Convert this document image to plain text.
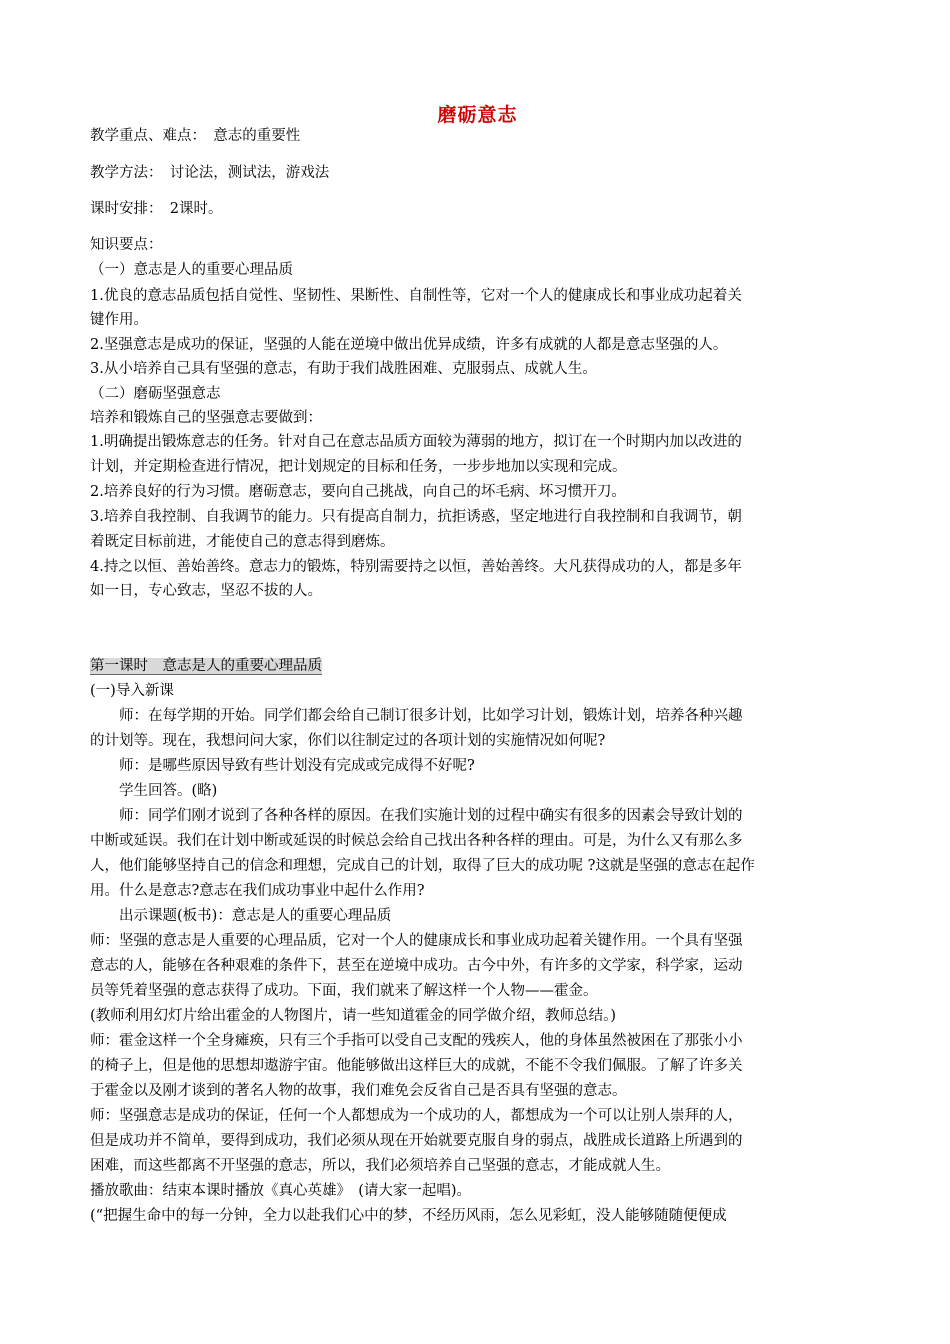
磨砺意志
教学重点、难点：　意志的重要性
教学方法：　讨论法，测试法，游戏法
课时安排：　2课时。
知识要点：
（一）意志是人的重要心理品质
1.优良的意志品质包括自觉性、坚韧性、果断性、自制性等，它对一个人的健康成长和事业成功起着关
键作用。
2.坚强意志是成功的保证，坚强的人能在逆境中做出优异成绩，许多有成就的人都是意志坚强的人。
3.从小培养自己具有坚强的意志，有助于我们战胜困难、克服弱点、成就人生。
（二）磨砺坚强意志
培养和锻炼自己的坚强意志要做到：
1.明确提出锻炼意志的任务。针对自己在意志品质方面较为薄弱的地方，拟订在一个时期内加以改进的
计划，并定期检查进行情况，把计划规定的目标和任务，一步步地加以实现和完成。
2.培养良好的行为习惯。磨砺意志，要向自己挑战，向自己的坏毛病、坏习惯开刀。
3.培养自我控制、自我调节的能力。只有提高自制力，抗拒诱惑，坚定地进行自我控制和自我调节，朝
着既定目标前进，才能使自己的意志得到磨炼。
4.持之以恒、善始善终。意志力的锻炼，特别需要持之以恒，善始善终。大凡获得成功的人，都是多年
如一日，专心致志，坚忍不拔的人。
第一课时　意志是人的重要心理品质
(一)导入新课
师：在每学期的开始。同学们都会给自己制订很多计划，比如学习计划，锻炼计划，培养各种兴趣
的计划等。现在，我想问问大家，你们以往制定过的各项计划的实施情况如何呢?
师：是哪些原因导致有些计划没有完成或完成得不好呢?
学生回答。(略)
师：同学们刚才说到了各种各样的原因。在我们实施计划的过程中确实有很多的因素会导致计划的
中断或延误。我们在计划中断或延误的时候总会给自己找出各种各样的理由。可是，为什么又有那么多
人，他们能够坚持自己的信念和理想，完成自己的计划，取得了巨大的成功呢 ?这就是坚强的意志在起作
用。什么是意志?意志在我们成功事业中起什么作用?
出示课题(板书)：意志是人的重要心理品质
师：坚强的意志是人重要的心理品质，它对一个人的健康成长和事业成功起着关键作用。一个具有坚强
意志的人，能够在各种艰难的条件下，甚至在逆境中成功。古今中外，有许多的文学家，科学家，运动
员等凭着坚强的意志获得了成功。下面，我们就来了解这样一个人物——霍金。
(教师利用幻灯片给出霍金的人物图片，请一些知道霍金的同学做介绍，教师总结。)
师：霍金这样一个全身瘫痪，只有三个手指可以受自己支配的残疾人，他的身体虽然被困在了那张小小
的椅子上，但是他的思想却遨游宇宙。他能够做出这样巨大的成就，不能不令我们佩服。了解了许多关
于霍金以及刚才谈到的著名人物的故事，我们难免会反省自己是否具有坚强的意志。
师：坚强意志是成功的保证，任何一个人都想成为一个成功的人，都想成为一个可以让别人崇拜的人，
但是成功并不简单，要得到成功，我们必须从现在开始就要克服自身的弱点，战胜成长道路上所遇到的
困难，而这些都离不开坚强的意志，所以，我们必须培养自己坚强的意志，才能成就人生。
播放歌曲：结束本课时播放《真心英雄》　(请大家一起唱)。
(“把握生命中的每一分钟，全力以赴我们心中的梦，不经历风雨，怎么见彩虹，没人能够随随便便成
